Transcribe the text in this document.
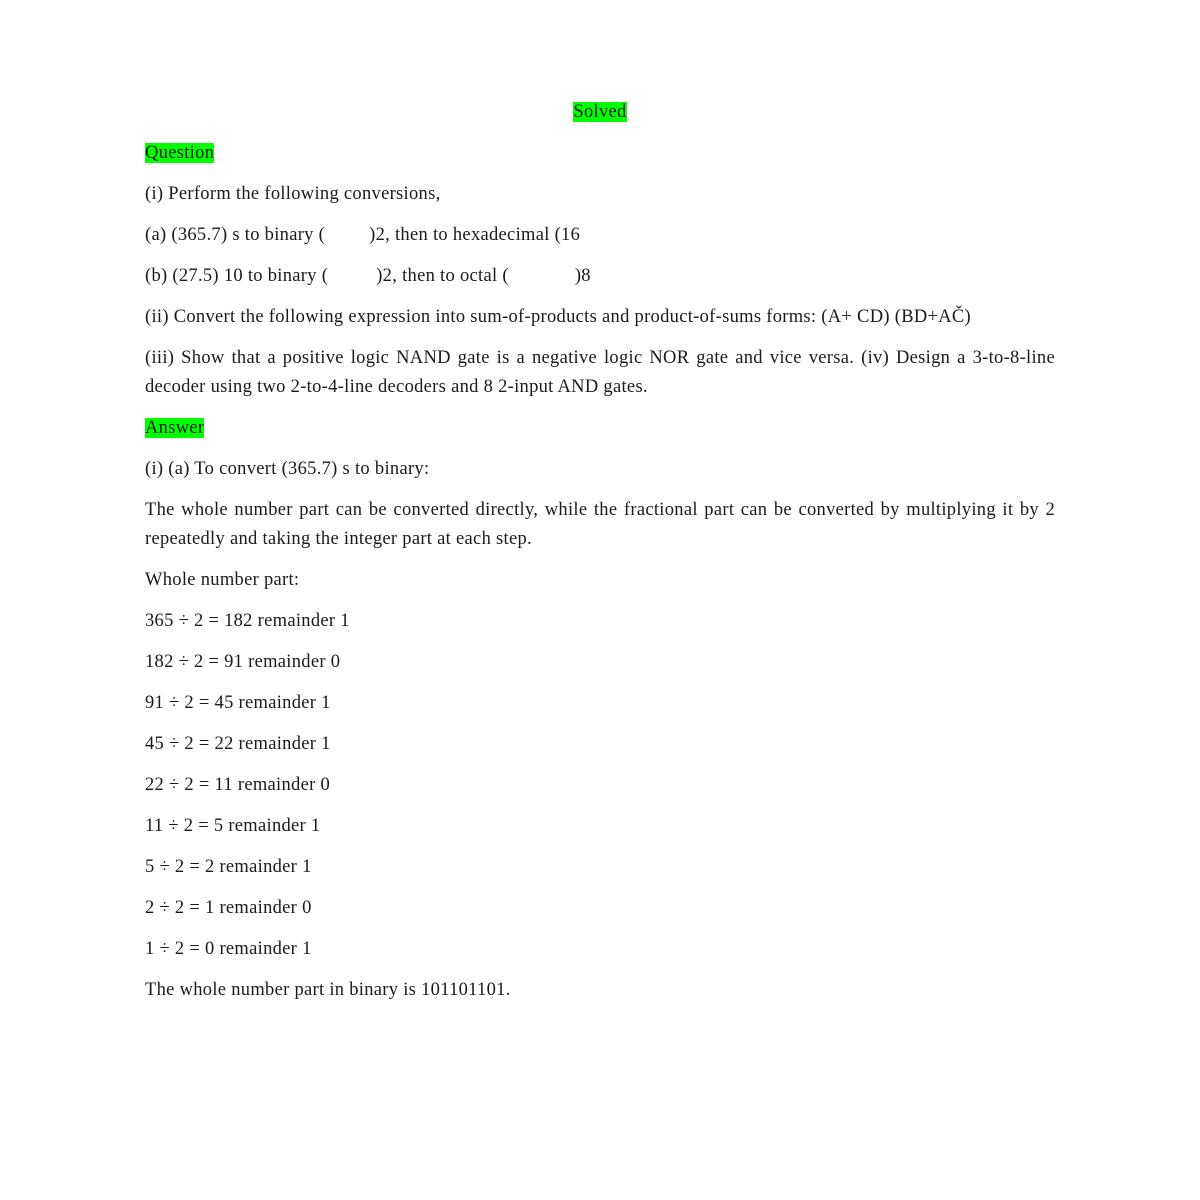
Solved

Question

(i) Perform the following conversions,

(a) (365.7) s to binary ( )2, then to hexadecimal (16

(b) (27.5) 10 to binary (	)2, then to octal (	)8

(ii) Convert the following expression into sum-of-products and product-of-sums forms: (A+ CD) (BD+AČ)

(iii) Show that a positive logic NAND gate is a negative logic NOR gate and vice versa. (iv) Design a 3-to-8-line decoder using two 2-to-4-line decoders and 8 2-input AND gates.

Answer

(i) (a) To convert (365.7) s to binary:

The whole number part can be converted directly, while the fractional part can be converted by multiplying it by 2 repeatedly and taking the integer part at each step.

Whole number part:

365 ÷ 2 = 182 remainder 1

182 ÷ 2 = 91 remainder 0

91 ÷ 2 = 45 remainder 1

45 ÷ 2 = 22 remainder 1

22 ÷ 2 = 11 remainder 0

11 ÷ 2 = 5 remainder 1

5 ÷ 2 = 2 remainder 1

2 ÷ 2 = 1 remainder 0

1 ÷ 2 = 0 remainder 1

The whole number part in binary is 101101101.
